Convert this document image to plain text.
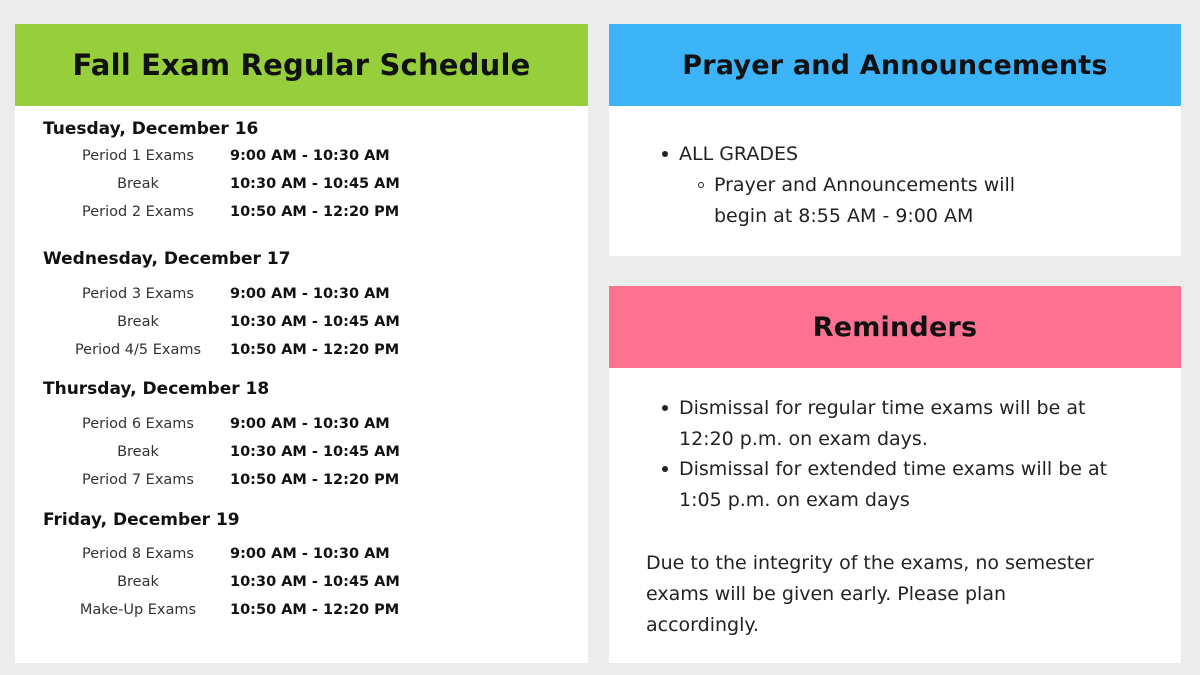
Fall Exam Regular Schedule
Tuesday, December 16
Period 1 Exams	9:00 AM - 10:30 AM
Break	10:30 AM - 10:45 AM
Period 2 Exams	10:50 AM - 12:20 PM
Wednesday, December 17
Period 3 Exams	9:00 AM - 10:30 AM
Break	10:30 AM - 10:45 AM
Period 4/5 Exams	10:50 AM - 12:20 PM
Thursday, December 18
Period 6 Exams	9:00 AM - 10:30 AM
Break	10:30 AM - 10:45 AM
Period 7 Exams	10:50 AM - 12:20 PM
Friday, December 19
Period 8 Exams	9:00 AM - 10:30 AM
Break	10:30 AM - 10:45 AM
Make-Up Exams	10:50 AM - 12:20 PM
Prayer and Announcements
ALL GRADES
Prayer and Announcements will
begin at 8:55 AM - 9:00 AM
Reminders
Dismissal for regular time exams will be at
12:20 p.m. on exam days.
Dismissal for extended time exams will be at
1:05 p.m. on exam days
Due to the integrity of the exams, no semester
exams will be given early. Please plan
accordingly.
